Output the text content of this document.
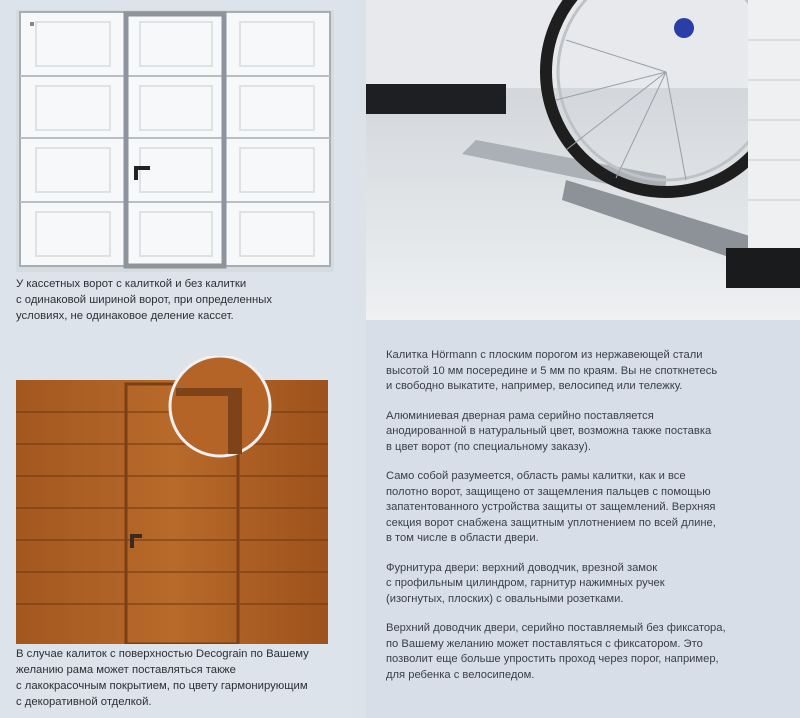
У кассетных ворот с калиткой и без калитки
с одинаковой шириной ворот, при определенных
условиях, не одинаковое деление кассет.

В случае калиток с поверхностью Decograin по Вашему
желанию рама может поставляться также
с лакокрасочным покрытием, по цвету гармонирующим
с декоративной отделкой.

Калитка Hörmann с плоским порогом из нержавеющей стали
высотой 10 мм посередине и 5 мм по краям. Вы не споткнетесь
и свободно выкатите, например, велосипед или тележку.

Алюминиевая дверная рама серийно поставляется
анодированной в натуральный цвет, возможна также поставка
в цвет ворот (по специальному заказу).

Само собой разумеется, область рамы калитки, как и все
полотно ворот, защищено от защемления пальцев с помощью
запатентованного устройства защиты от защемлений. Верхняя
секция ворот снабжена защитным уплотнением по всей длине,
в том числе в области двери.

Фурнитура двери: верхний доводчик, врезной замок
с профильным цилиндром, гарнитур нажимных ручек
(изогнутых, плоских) с овальными розетками.

Верхний доводчик двери, серийно поставляемый без фиксатора,
по Вашему желанию может поставляться с фиксатором. Это
позволит еще больше упростить проход через порог, например,
для ребенка с велосипедом.
